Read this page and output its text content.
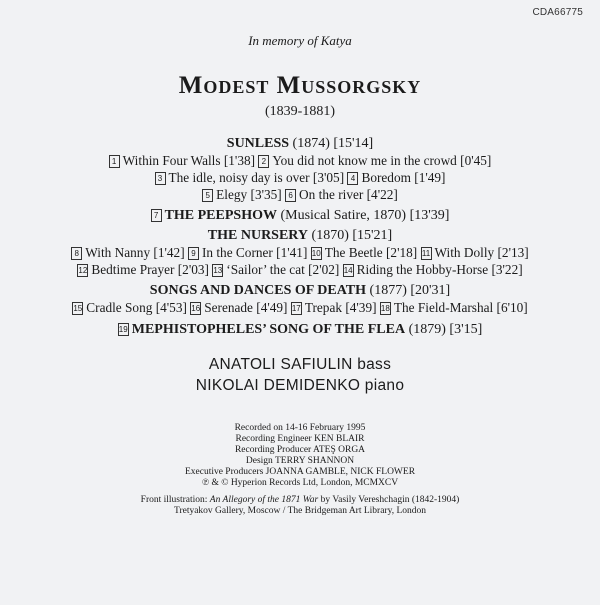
CDA66775
In memory of Katya
Modest Mussorgsky
(1839-1881)
SUNLESS (1874) [15'14]
1 Within Four Walls [1'38] 2 You did not know me in the crowd [0'45]
3 The idle, noisy day is over [3'05] 4 Boredom [1'49]
5 Elegy [3'35] 6 On the river [4'22]
7 THE PEEPSHOW (Musical Satire, 1870) [13'39]
THE NURSERY (1870) [15'21]
8 With Nanny [1'42] 9 In the Corner [1'41] 10 The Beetle [2'18] 11 With Dolly [2'13]
12 Bedtime Prayer [2'03] 13 ‘Sailor’ the cat [2'02] 14 Riding the Hobby-Horse [3'22]
SONGS AND DANCES OF DEATH (1877) [20'31]
15 Cradle Song [4'53] 16 Serenade [4'49] 17 Trepak [4'39] 18 The Field-Marshal [6'10]
19 MEPHISTOPHELES’ SONG OF THE FLEA (1879) [3'15]
ANATOLI SAFIULIN bass
NIKOLAI DEMIDENKO piano
Recorded on 14-16 February 1995
Recording Engineer KEN BLAIR
Recording Producer ATEŞ ORGA
Design TERRY SHANNON
Executive Producers JOANNA GAMBLE, NICK FLOWER
℗ & © Hyperion Records Ltd, London, MCMXCV
Front illustration: An Allegory of the 1871 War by Vasily Vereshchagin (1842-1904)
Tretyakov Gallery, Moscow / The Bridgeman Art Library, London
